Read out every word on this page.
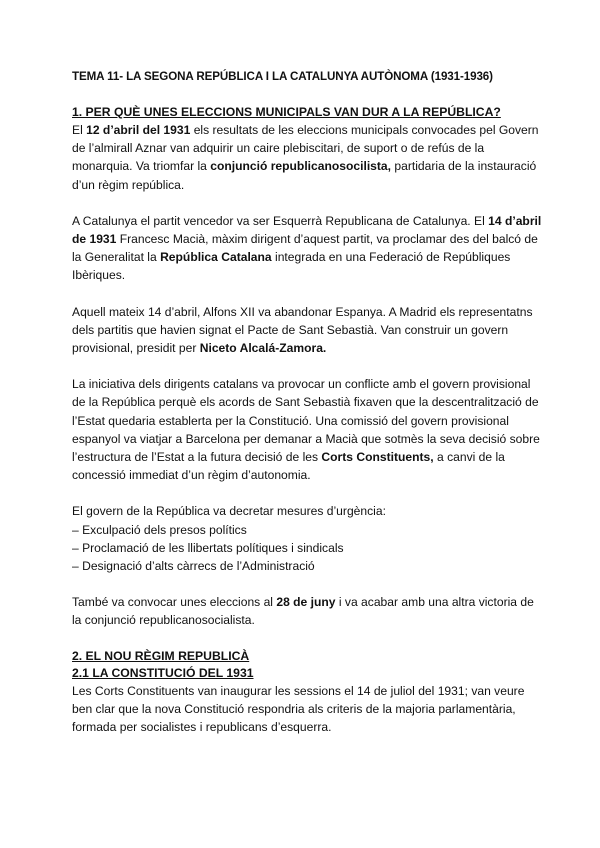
TEMA 11- LA SEGONA REPÚBLICA I LA CATALUNYA AUTÒNOMA (1931-1936)
1. PER QUÈ UNES ELECCIONS MUNICIPALS VAN DUR A LA REPÚBLICA?

El 12 d’abril del 1931 els resultats de les eleccions municipals convocades pel Govern de l’almirall Aznar van adquirir un caire plebiscitari, de suport o de refús de la monarquia. Va triomfar la conjunció republicanosocilista, partidaria de la instauració d’un règim república.

A Catalunya el partit vencedor va ser Esquerrà Republicana de Catalunya. El 14 d’abril de 1931 Francesc Macià, màxim dirigent d’aquest partit, va proclamar des del balcó de la Generalitat la República Catalana integrada en una Federació de Repúbliques Ibèriques.

Aquell mateix 14 d’abril, Alfons XII va abandonar Espanya. A Madrid els representatns dels partitis que havien signat el Pacte de Sant Sebastià. Van construir un govern provisional, presidit per Niceto Alcalá-Zamora.

La iniciativa dels dirigents catalans va provocar un conflicte amb el govern provisional de la República perquè els acords de Sant Sebastià fixaven que la descentralització de l’Estat quedaria establerta per la Constitució. Una comissió del govern provisional espanyol va viatjar a Barcelona per demanar a Macià que sotmès la seva decisió sobre l’estructura de l’Estat a la futura decisió de les Corts Constituents, a canvi de la concessió immediat d’un règim d’autonomia.

El govern de la República va decretar mesures d’urgència:

– Exculpació dels presos polítics
– Proclamació de les llibertats polítiques i sindicals
– Designació d’alts càrrecs de l’Administració

També va convocar unes eleccions al 28 de juny i va acabar amb una altra victoria de la conjunció republicanosocialista.

2. EL NOU RÈGIM REPUBLICÀ
2.1 LA CONSTITUCIÓ DEL 1931

Les Corts Constituents van inaugurar les sessions el 14 de juliol del 1931; van veure ben clar que la nova Constitució respondria als criteris de la majoria parlamentària, formada per socialistes i republicans d’esquerra.
